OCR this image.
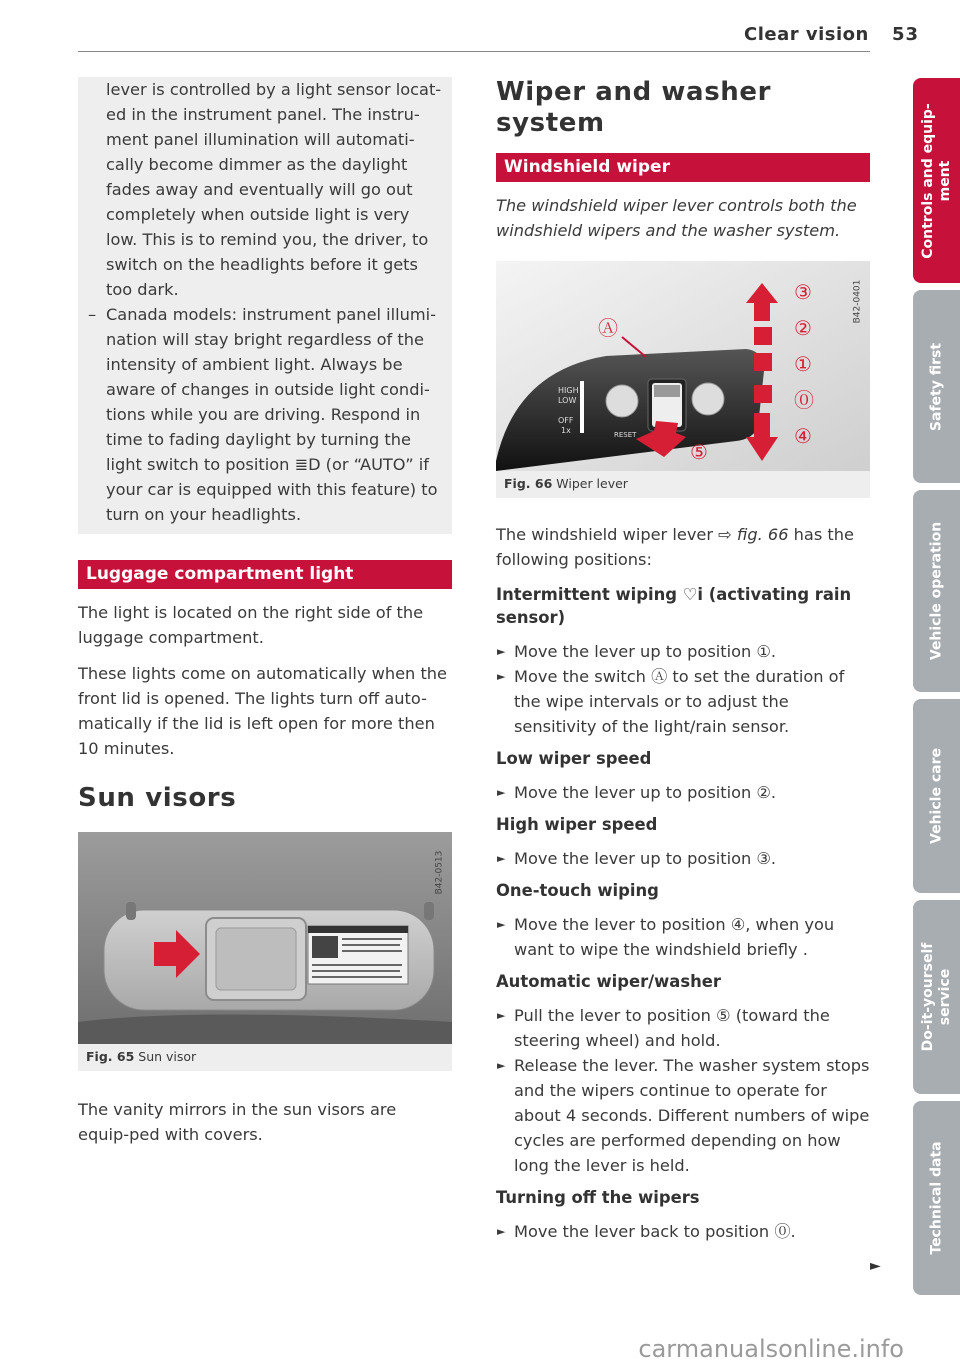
Clear vision 53
Controls and equip-
ment
Safety first
Vehicle operation
Vehicle care
Do-it-yourself
service
Technical data
lever is controlled by a light sensor locat-ed in the instrument panel. The instru-ment panel illumination will automati-cally become dimmer as the daylight fades away and eventually will go out completely when outside light is very low. This is to remind you, the driver, to switch on the headlights before it gets too dark.
– Canada models: instrument panel illumi-nation will stay bright regardless of the intensity of ambient light. Always be aware of changes in outside light condi-tions while you are driving. Respond in time to fading daylight by turning the light switch to position ≣D (or “AUTO” if your car is equipped with this feature) to turn on your headlights.
Luggage compartment light

The light is located on the right side of the luggage compartment.

These lights come on automatically when the front lid is opened. The lights turn off auto-matically if the lid is left open for more then 10 minutes.

Sun visors
B42-0513
Fig. 65 Sun visor

The vanity mirrors in the sun visors are equip-ped with covers.

Wiper and washer system
Windshield wiper

The windshield wiper lever controls both the windshield wipers and the washer system.

HIGH
LOW
OFF
1x	RESET
③
②
①
⓪
④
⑤
Ⓐ
B42-0401
Fig. 66 Wiper lever

The windshield wiper lever ⇨ fig. 66 has the following positions:

Intermittent wiping ♡ⅰ (activating rain sensor)
► Move the lever up to position ①.
► Move the switch Ⓐ to set the duration of the wipe intervals or to adjust the sensitivity of the light/rain sensor.
Low wiper speed
► Move the lever up to position ②.
High wiper speed
► Move the lever up to position ③.
One-touch wiping
► Move the lever to position ④, when you want to wipe the windshield briefly .
Automatic wiper/washer
► Pull the lever to position ⑤ (toward the steering wheel) and hold.
► Release the lever. The washer system stops and the wipers continue to operate for about 4 seconds. Different numbers of wipe cycles are performed depending on how long the lever is held.
Turning off the wipers
► Move the lever back to position ⓪.
►
carmanualsonline.info
